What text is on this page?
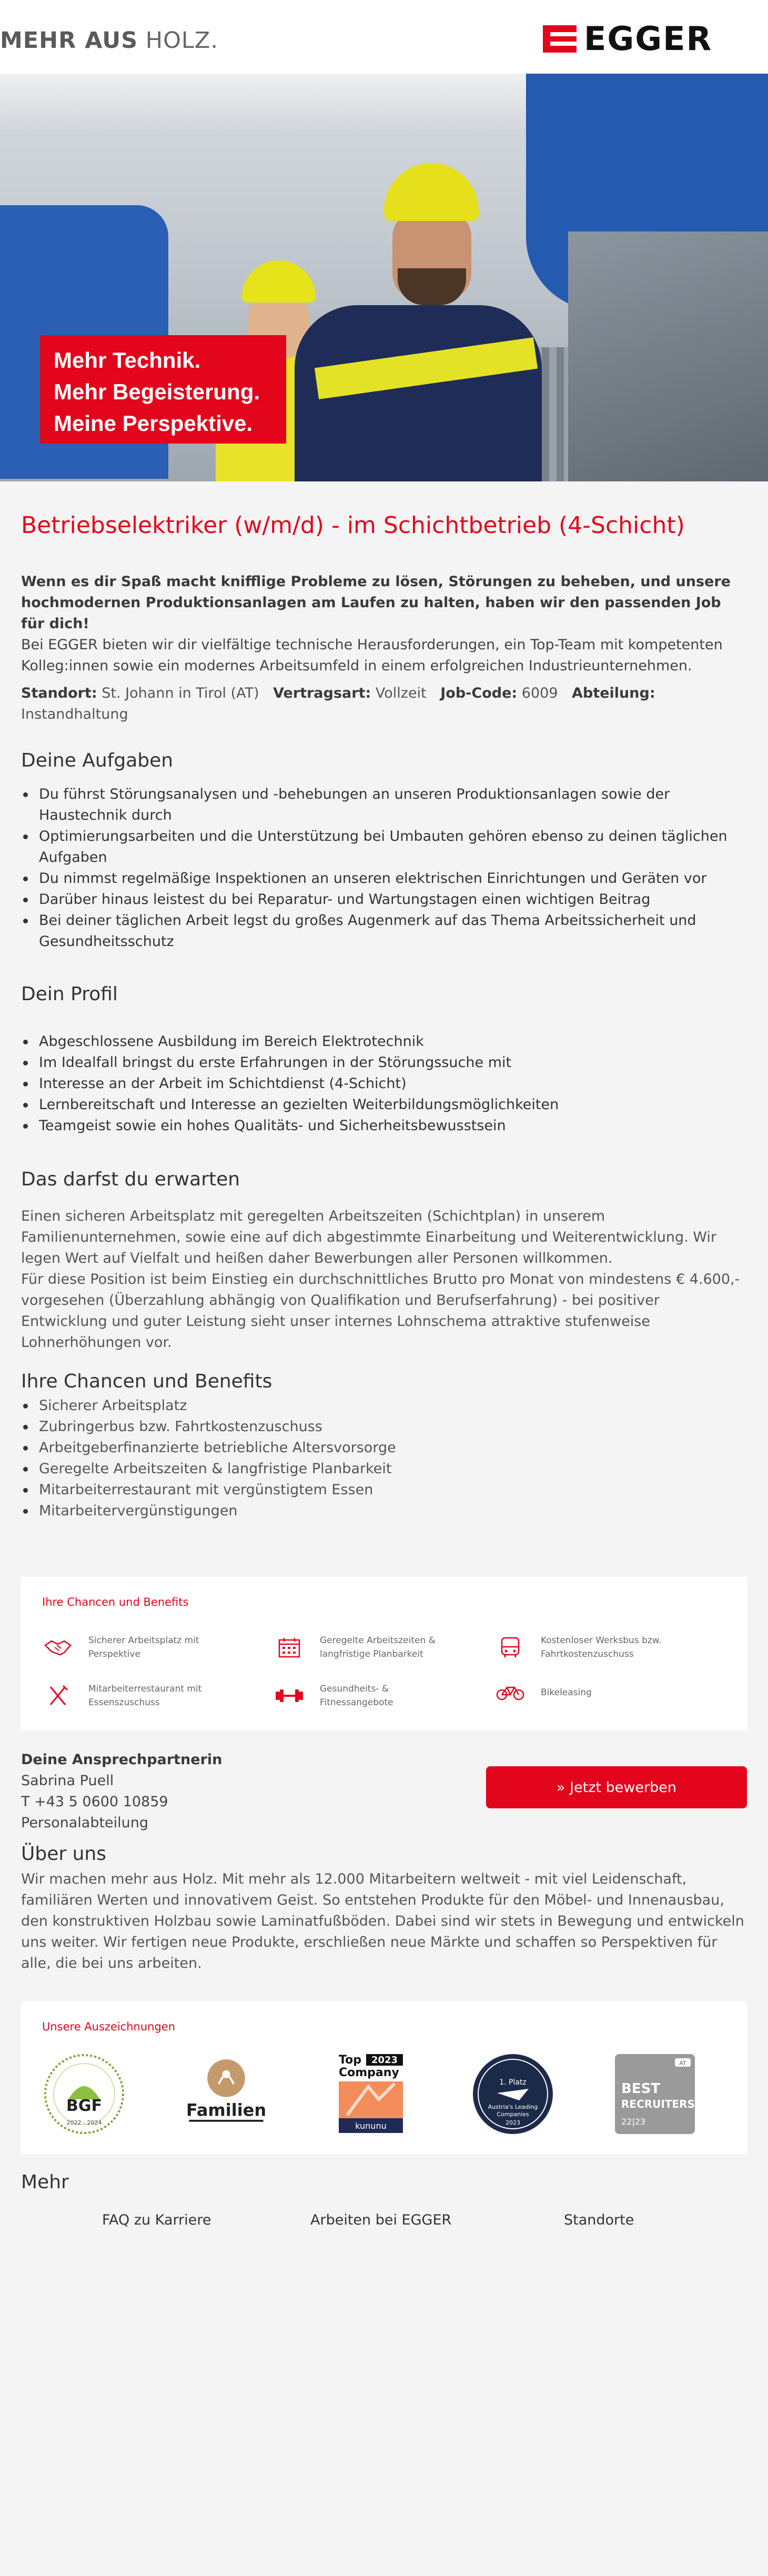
MEHR AUS HOLZ.	EGGER
Mehr Technik.
Mehr Begeisterung.
Meine Perspektive.
Betriebselektriker (w/m/d) - im Schichtbetrieb (4-Schicht)
Wenn es dir Spaß macht knifflige Probleme zu lösen, Störungen zu beheben, und unsere hochmodernen Produktionsanlagen am Laufen zu halten, haben wir den passenden Job für dich!
Bei EGGER bieten wir dir vielfältige technische Herausforderungen, ein Top-Team mit kompetenten Kolleg:innen sowie ein modernes Arbeitsumfeld in einem erfolgreichen Industrieunternehmen.
Standort: St. Johann in Tirol (AT) Vertragsart: Vollzeit Job-Code: 6009 Abteilung: Instandhaltung
Deine Aufgaben
Du führst Störungsanalysen und -behebungen an unseren Produktionsanlagen sowie der Haustechnik durch
Optimierungsarbeiten und die Unterstützung bei Umbauten gehören ebenso zu deinen täglichen Aufgaben
Du nimmst regelmäßige Inspektionen an unseren elektrischen Einrichtungen und Geräten vor
Darüber hinaus leistest du bei Reparatur- und Wartungstagen einen wichtigen Beitrag
Bei deiner täglichen Arbeit legst du großes Augenmerk auf das Thema Arbeitssicherheit und Gesundheitsschutz
Dein Profil
Abgeschlossene Ausbildung im Bereich Elektrotechnik
Im Idealfall bringst du erste Erfahrungen in der Störungssuche mit
Interesse an der Arbeit im Schichtdienst (4-Schicht)
Lernbereitschaft und Interesse an gezielten Weiterbildungsmöglichkeiten
Teamgeist sowie ein hohes Qualitäts- und Sicherheitsbewusstsein
Das darfst du erwarten

Einen sicheren Arbeitsplatz mit geregelten Arbeitszeiten (Schichtplan) in unserem Familienunternehmen, sowie eine auf dich abgestimmte Einarbeitung und Weiterentwicklung. Wir legen Wert auf Vielfalt und heißen daher Bewerbungen aller Personen willkommen.

Für diese Position ist beim Einstieg ein durchschnittliches Brutto pro Monat von mindestens € 4.600,- vorgesehen (Überzahlung abhängig von Qualifikation und Berufserfahrung) - bei positiver Entwicklung und guter Leistung sieht unser internes Lohnschema attraktive stufenweise Lohnerhöhungen vor.

Ihre Chancen und Benefits
Sicherer Arbeitsplatz
Zubringerbus bzw. Fahrtkostenzuschuss
Arbeitgeberfinanzierte betriebliche Altersvorsorge
Geregelte Arbeitszeiten & langfristige Planbarkeit
Mitarbeiterrestaurant mit vergünstigtem Essen
Mitarbeitervergünstigungen
Ihre Chancen und Benefits
Sicherer Arbeitsplatz mit Perspektive
Geregelte Arbeitszeiten & langfristige Planbarkeit
Kostenloser Werksbus bzw. Fahrtkostenzuschuss
Mitarbeiterrestaurant mit Essenszuschuss
Gesundheits- & Fitnessangebote
Bikeleasing
Deine Ansprechpartnerin
Sabrina Puell
T +43 5 0600 10859
Personalabteilung
» Jetzt bewerben
Über uns

Wir machen mehr aus Holz. Mit mehr als 12.000 Mitarbeitern weltweit - mit viel Leidenschaft, familiären Werten und innovativem Geist. So entstehen Produkte für den Möbel- und Innenausbau, den konstruktiven Holzbau sowie Laminatfußböden. Dabei sind wir stets in Bewegung und entwickeln uns weiter. Wir fertigen neue Produkte, erschließen neue Märkte und schaffen so Perspektiven für alle, die bei uns arbeiten.

Unsere Auszeichnungen
BGF
2022 - 2024
Familien
Top 2023
Company
kununu
1. Platz
Austria's Leading
Companies
2023
AT
BEST
RECRUITERS
22|23
Mehr
FAQ zu Karriere	Arbeiten bei EGGER	Standorte
